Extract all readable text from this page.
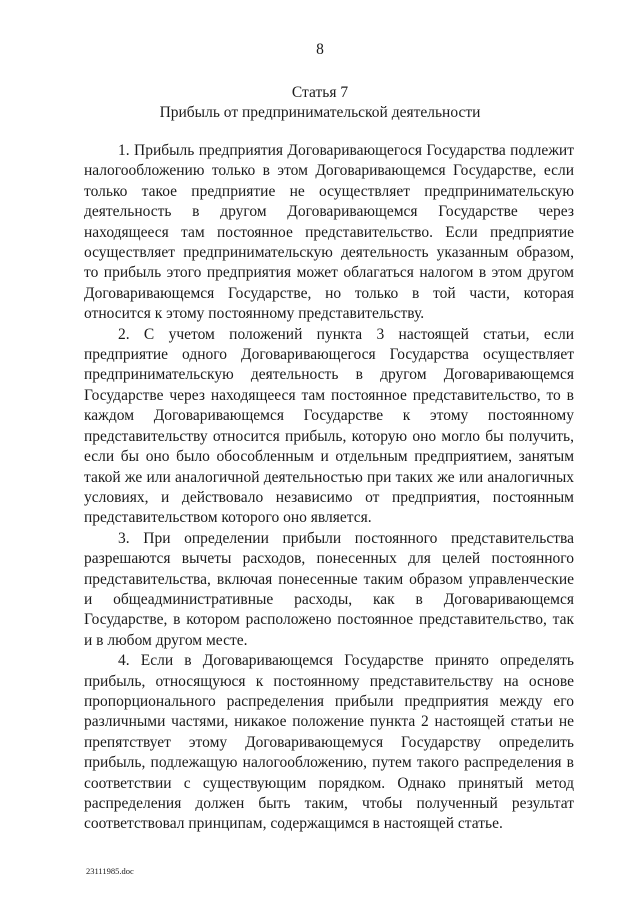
8
Статья 7
Прибыль от предпринимательской деятельности

1. Прибыль предприятия Договаривающегося Государства подлежит налогообложению только в этом Договаривающемся Государстве, если только такое предприятие не осуществляет предпринимательскую деятельность в другом Договаривающемся Государстве через находящееся там постоянное представительство. Если предприятие осуществляет предпринимательскую деятельность указанным образом, то прибыль этого предприятия может облагаться налогом в этом другом Договаривающемся Государстве, но только в той части, которая относится к этому постоянному представительству.

2. С учетом положений пункта 3 настоящей статьи, если предприятие одного Договаривающегося Государства осуществляет предпринимательскую деятельность в другом Договаривающемся Государстве через находящееся там постоянное представительство, то в каждом Договаривающемся Государстве к этому постоянному представительству относится прибыль, которую оно могло бы получить, если бы оно было обособленным и отдельным предприятием, занятым такой же или аналогичной деятельностью при таких же или аналогичных условиях, и действовало независимо от предприятия, постоянным представительством которого оно является.

3. При определении прибыли постоянного представительства разрешаются вычеты расходов, понесенных для целей постоянного представительства, включая понесенные таким образом управленческие и общеадминистративные расходы, как в Договаривающемся Государстве, в котором расположено постоянное представительство, так и в любом другом месте.

4. Если в Договаривающемся Государстве принято определять прибыль, относящуюся к постоянному представительству на основе пропорционального распределения прибыли предприятия между его различными частями, никакое положение пункта 2 настоящей статьи не препятствует этому Договаривающемуся Государству определить прибыль, подлежащую налогообложению, путем такого распределения в соответствии с существующим порядком. Однако принятый метод распределения должен быть таким, чтобы полученный результат соответствовал принципам, содержащимся в настоящей статье.

23111985.doc
